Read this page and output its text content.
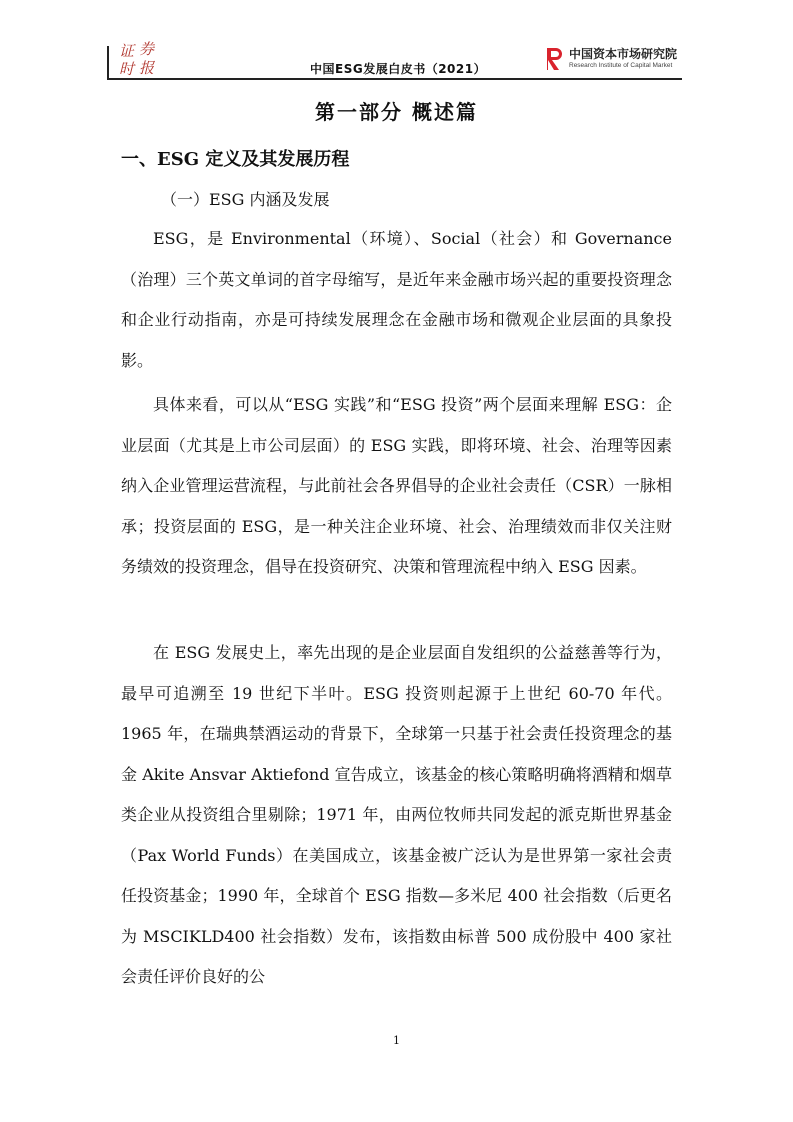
证 券
时 报	中国ESG发展白皮书（2021）
中国资本市场研究院
Research Institute of Capital Market
第一部分 概述篇
一、ESG 定义及其发展历程
（一）ESG 内涵及发展

ESG，是 Environmental（环境）、Social（社会）和 Governance（治理）三个英文单词的首字母缩写，是近年来金融市场兴起的重要投资理念和企业行动指南，亦是可持续发展理念在金融市场和微观企业层面的具象投影。

具体来看，可以从“ESG 实践”和“ESG 投资”两个层面来理解 ESG：企业层面（尤其是上市公司层面）的 ESG 实践，即将环境、社会、治理等因素纳入企业管理运营流程，与此前社会各界倡导的企业社会责任（CSR）一脉相承；投资层面的 ESG，是一种关注企业环境、社会、治理绩效而非仅关注财务绩效的投资理念，倡导在投资研究、决策和管理流程中纳入 ESG 因素。

在 ESG 发展史上，率先出现的是企业层面自发组织的公益慈善等行为，最早可追溯至 19 世纪下半叶。ESG 投资则起源于上世纪 60-70 年代。1965 年，在瑞典禁酒运动的背景下，全球第一只基于社会责任投资理念的基金 Akite Ansvar Aktiefond 宣告成立，该基金的核心策略明确将酒精和烟草类企业从投资组合里剔除；1971 年，由两位牧师共同发起的派克斯世界基金（Pax World Funds）在美国成立，该基金被广泛认为是世界第一家社会责任投资基金；1990 年，全球首个 ESG 指数—多米尼 400 社会指数（后更名为 MSCIKLD400 社会指数）发布，该指数由标普 500 成份股中 400 家社会责任评价良好的公

1
